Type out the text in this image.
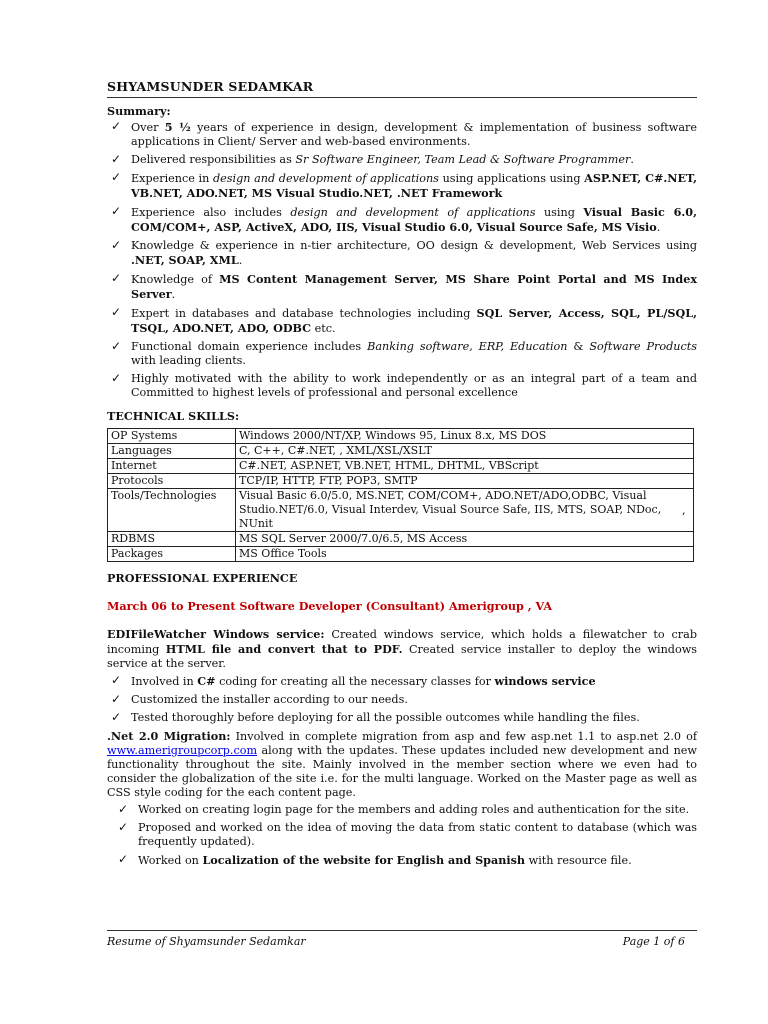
SHYAMSUNDER SEDAMKAR
Summary:
✓ Over 5 ½ years of experience in design, development & implementation of business software applications in Client/ Server and web-based environments.
✓ Delivered responsibilities as Sr Software Engineer, Team Lead & Software Programmer.
✓ Experience in design and development of applications using applications using ASP.NET, C#.NET, VB.NET, ADO.NET, MS Visual Studio.NET, .NET Framework
✓ Experience also includes design and development of applications using Visual Basic 6.0, COM/COM+, ASP, ActiveX, ADO, IIS, Visual Studio 6.0, Visual Source Safe, MS Visio.
✓ Knowledge & experience in n-tier architecture, OO design & development, Web Services using .NET, SOAP, XML.
✓ Knowledge of MS Content Management Server, MS Share Point Portal and MS Index Server.
✓ Expert in databases and database technologies including SQL Server, Access, SQL, PL/SQL, TSQL, ADO.NET, ADO, ODBC etc.
✓ Functional domain experience includes Banking software, ERP, Education & Software Products with leading clients.
✓ Highly motivated with the ability to work independently or as an integral part of a team and Committed to highest levels of professional and personal excellence
TECHNICAL SKILLS:
OP Systems	Windows 2000/NT/XP, Windows 95, Linux 8.x, MS DOS
Languages	C, C++, C#.NET, , XML/XSL/XSLT
Internet	C#.NET, ASP.NET, VB.NET, HTML, DHTML, VBScript
Protocols	TCP/IP, HTTP, FTP, POP3, SMTP
Tools/Technologies	Visual Basic 6.0/5.0, MS.NET, COM/COM+, ADO.NET/ADO,ODBC, Visual Studio.NET/6.0, Visual Interdev, Visual Source Safe, IIS, MTS, SOAP, NDoc, NUnit
RDBMS	MS SQL Server 2000/7.0/6.5, MS Access
Packages	MS Office Tools
PROFESSIONAL EXPERIENCE
March 06 to Present Software Developer (Consultant) Amerigroup , VA

EDIFileWatcher Windows service: Created windows service, which holds a filewatcher to crab incoming HTML file and convert that to PDF. Created service installer to deploy the windows service at the server.

✓ Involved in C# coding for creating all the necessary classes for windows service
✓ Customized the installer according to our needs.
✓ Tested thoroughly before deploying for all the possible outcomes while handling the files.

.Net 2.0 Migration: Involved in complete migration from asp and few asp.net 1.1 to asp.net 2.0 of www.amerigroupcorp.com along with the updates. These updates included new development and new functionality throughout the site. Mainly involved in the member section where we even had to consider the globalization of the site i.e. for the multi language. Worked on the Master page as well as CSS style coding for the each content page.

✓ Worked on creating login page for the members and adding roles and authentication for the site.
✓ Proposed and worked on the idea of moving the data from static content to database (which was frequently updated).
✓ Worked on Localization of the website for English and Spanish with resource file.
,
Resume of Shyamsunder Sedamkar	Page 1 of 6
